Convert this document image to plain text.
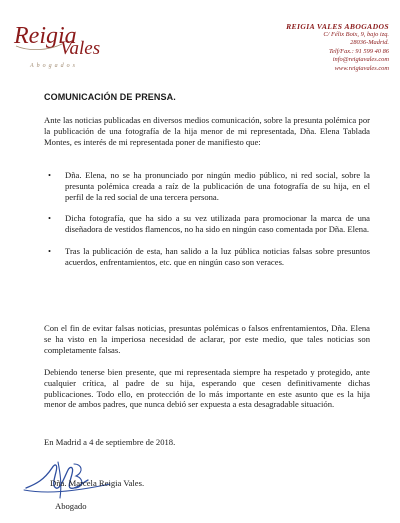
Reigia
Vales
Abogados
REIGIA VALES ABOGADOS
C/ Félix Boix, 9, bajo izq.
28036-Madrid.
Telf/Fax.: 91 599 40 86
info@reigiavales.com
www.reigiavales.com
COMUNICACIÓN DE PRENSA.
Ante las noticias publicadas en diversos medios comunicación, sobre la presunta polémica por la publicación de una fotografía de la hija menor de mi representada, Dña. Elena Tablada Montes, es interés de mi representada poner de manifiesto que:
• Dña. Elena, no se ha pronunciado por ningún medio público, ni red social, sobre la presunta polémica creada a raíz de la publicación de una fotografía de su hija, en el perfil de la red social de una tercera persona.
• Dicha fotografía, que ha sido a su vez utilizada para promocionar la marca de una diseñadora de vestidos flamencos, no ha sido en ningún caso comentada por Dña. Elena.
• Tras la publicación de esta, han salido a la luz pública noticias falsas sobre presuntos acuerdos, enfrentamientos, etc. que en ningún caso son veraces.
Con el fin de evitar falsas noticias, presuntas polémicas o falsos enfrentamientos, Dña. Elena se ha visto en la imperiosa necesidad de aclarar, por este medio, que tales noticias son completamente falsas.
Debiendo tenerse bien presente, que mi representada siempre ha respetado y protegido, ante cualquier crítica, al padre de su hija, esperando que cesen definitivamente dichas publicaciones. Todo ello, en protección de lo más importante en este asunto que es la hija menor de ambos padres, que nunca debió ser expuesta a esta desagradable situación.
En Madrid a 4 de septiembre de 2018.
Dña. Marcela Reigia Vales.
Abogado
